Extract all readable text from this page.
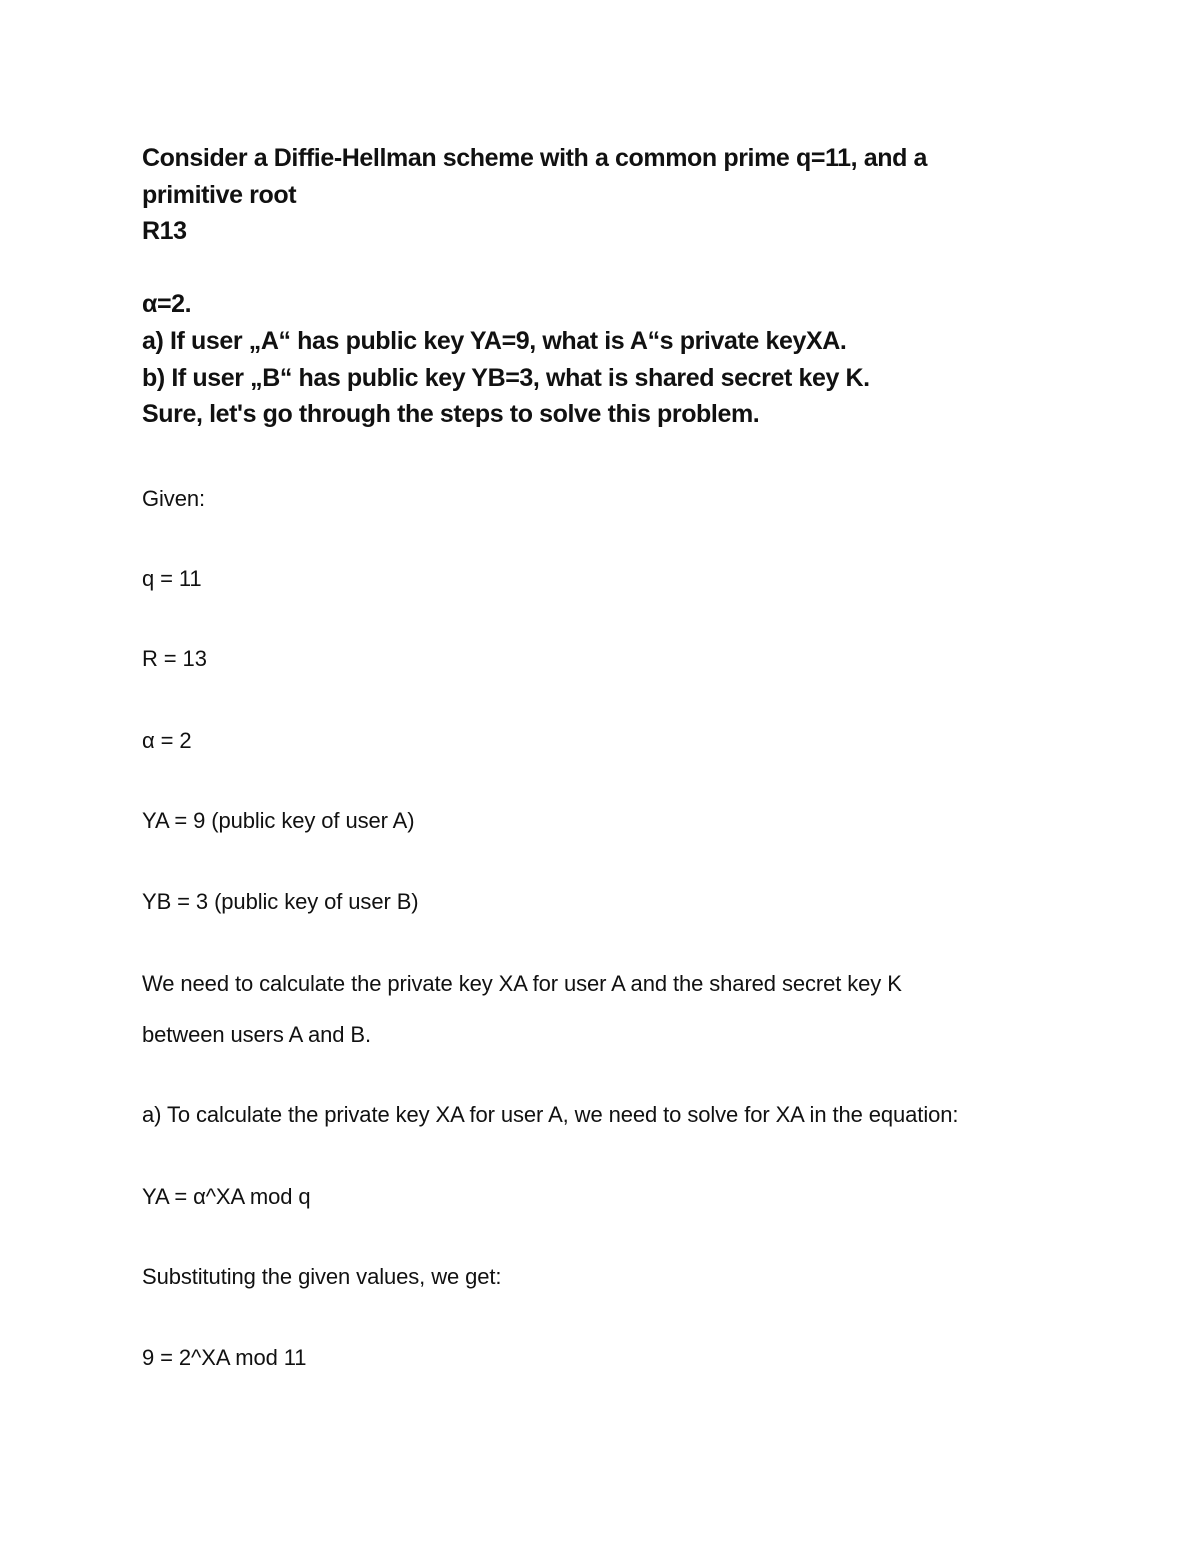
Consider a Diffie-Hellman scheme with a common prime q=11, and a
primitive root
R13
α=2.
a) If user „A“ has public key YA=9, what is A“s private keyXA.
b) If user „B“ has public key YB=3, what is shared secret key K.
Sure, let's go through the steps to solve this problem.
Given:
q = 11
R = 13
α = 2
YA = 9 (public key of user A)
YB = 3 (public key of user B)
We need to calculate the private key XA for user A and the shared secret key K
between users A and B.
a) To calculate the private key XA for user A, we need to solve for XA in the equation:
YA = α^XA mod q
Substituting the given values, we get:
9 = 2^XA mod 11
